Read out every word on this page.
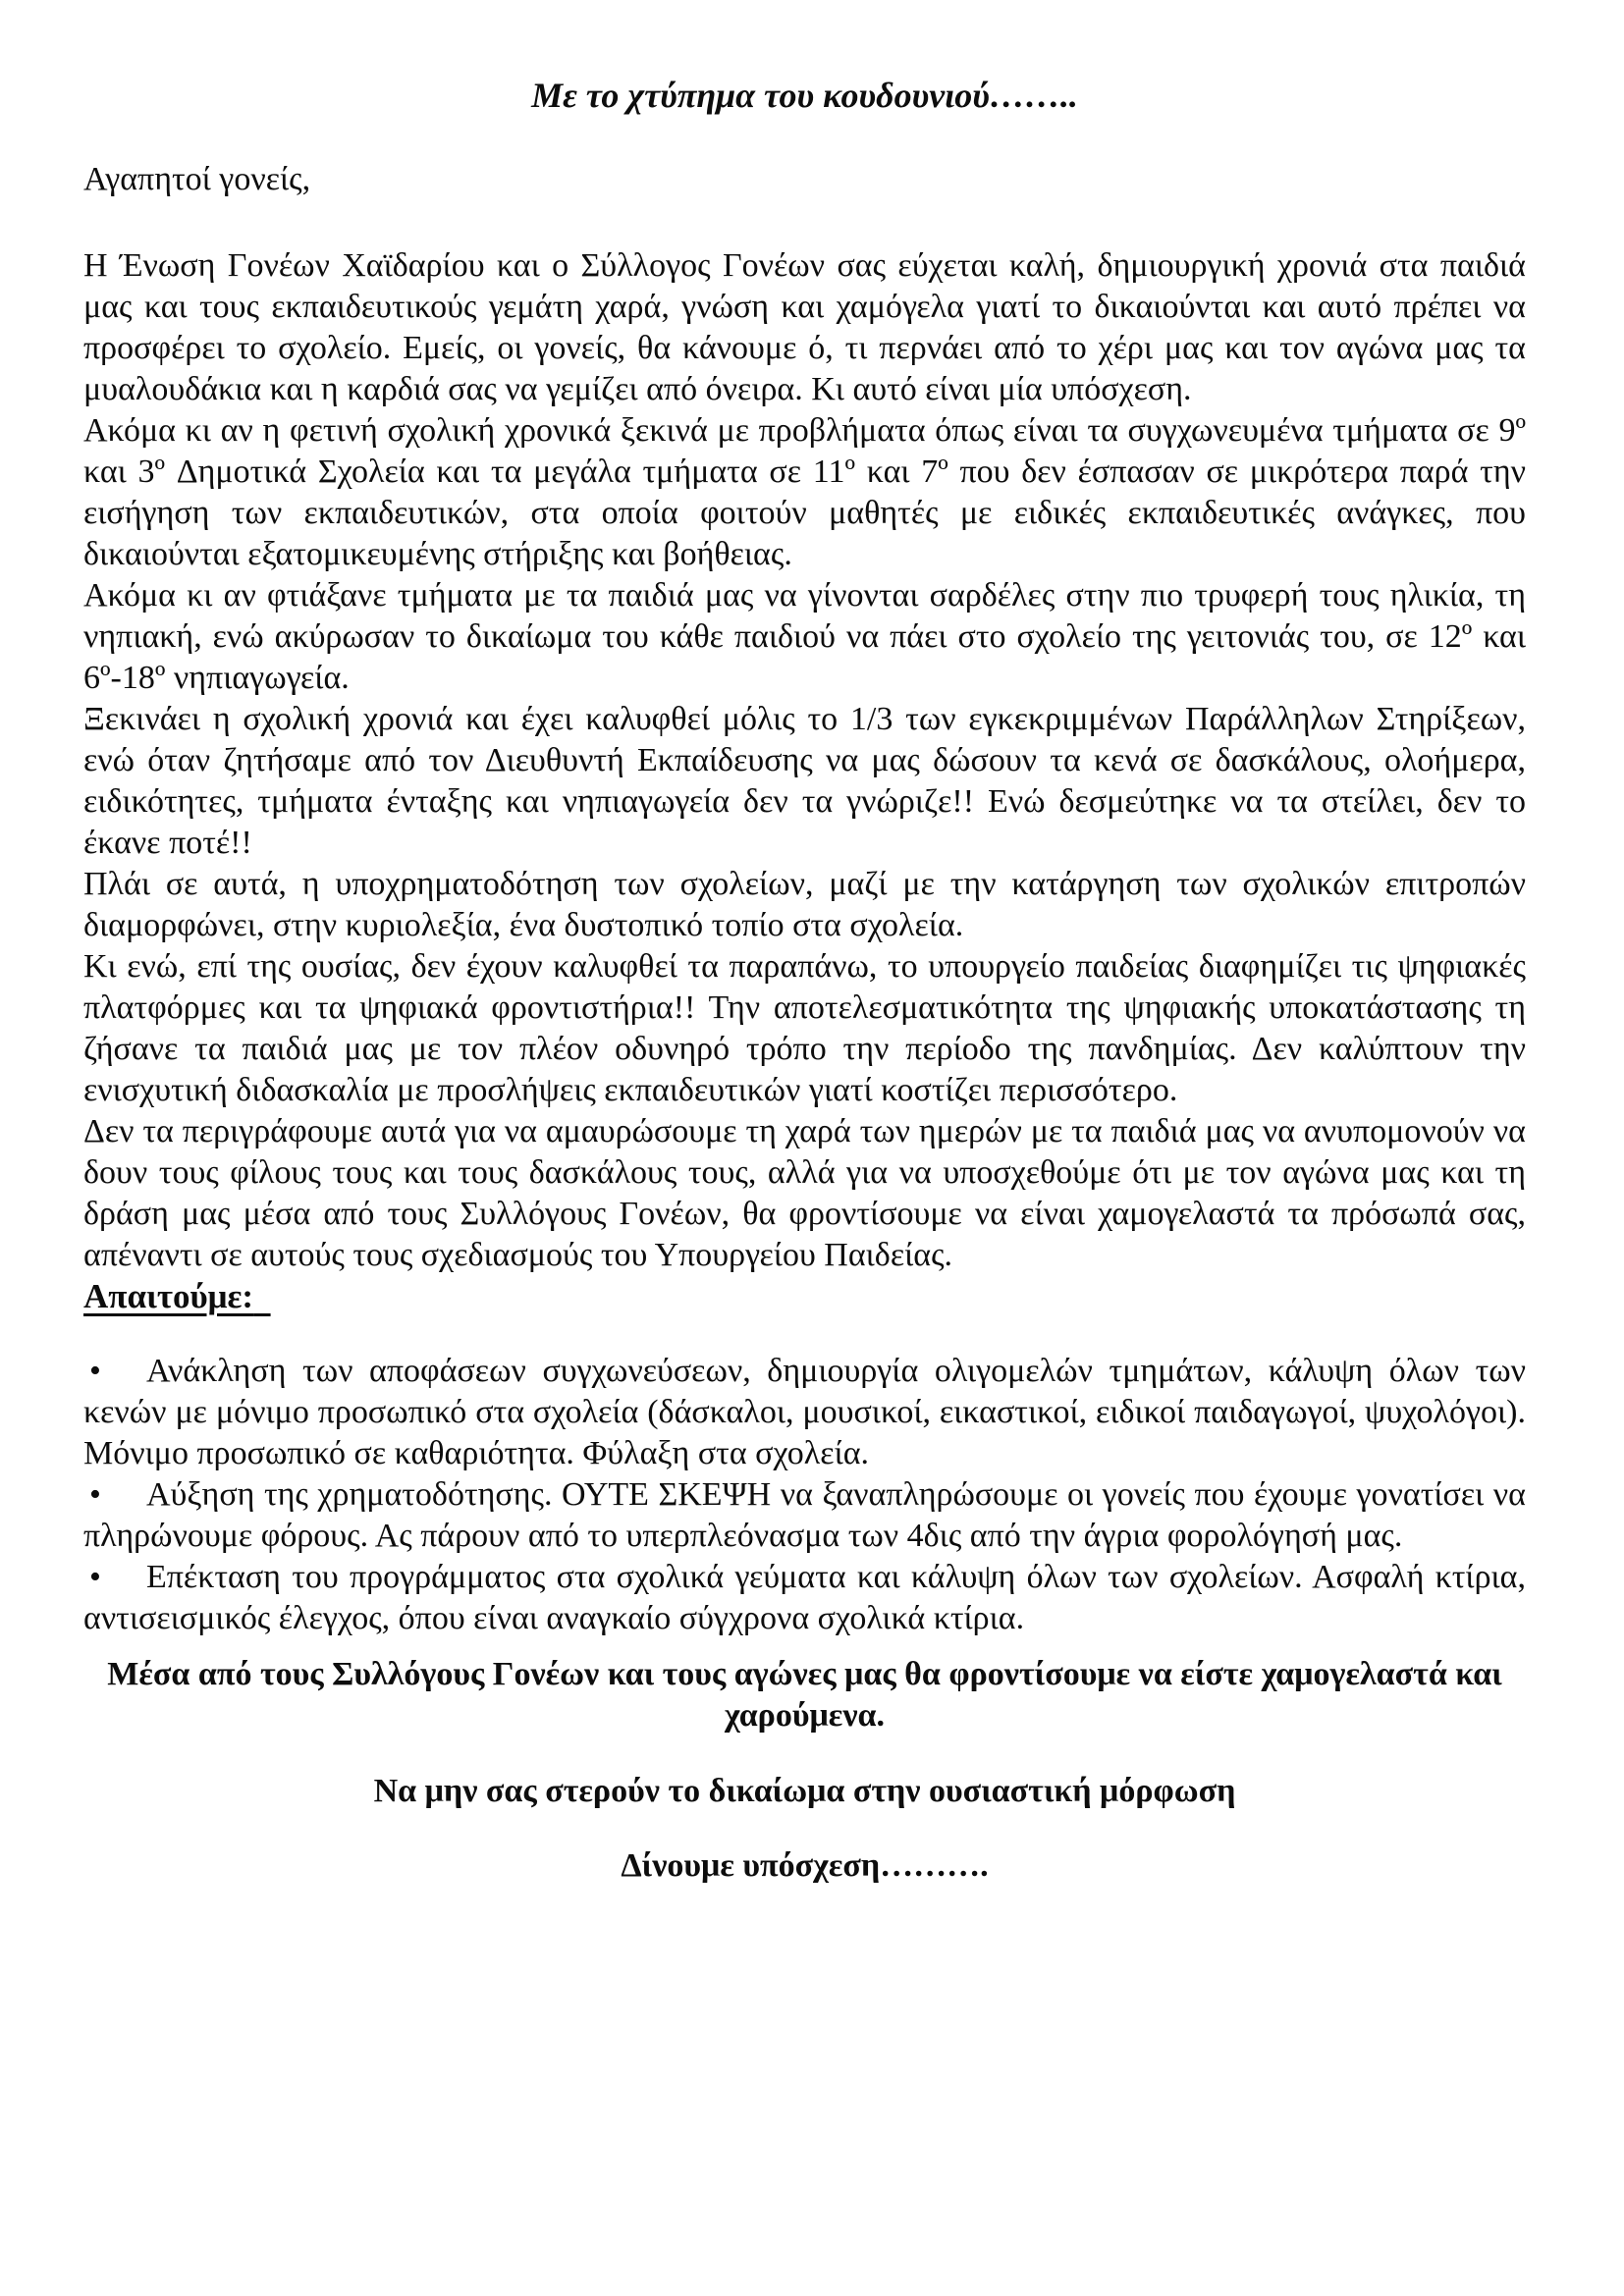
Με το χτύπημα του κουδουνιού……..

Αγαπητοί γονείς,

Η Ένωση Γονέων Χαϊδαρίου και ο Σύλλογος Γονέων σας εύχεται καλή, δημιουργική χρονιά στα παιδιά μας και τους εκπαιδευτικούς γεμάτη χαρά, γνώση και χαμόγελα γιατί το δικαιούνται και αυτό πρέπει να προσφέρει το σχολείο. Εμείς, οι γονείς, θα κάνουμε ό, τι περνάει από το χέρι μας και τον αγώνα μας τα μυαλουδάκια και η καρδιά σας να γεμίζει από όνειρα. Κι αυτό είναι μία υπόσχεση.

Ακόμα κι αν η φετινή σχολική χρονικά ξεκινά με προβλήματα όπως είναι τα συγχωνευμένα τμήματα σε 9º και 3º Δημοτικά Σχολεία και τα μεγάλα τμήματα σε 11º και 7º που δεν έσπασαν σε μικρότερα παρά την εισήγηση των εκπαιδευτικών, στα οποία φοιτούν μαθητές με ειδικές εκπαιδευτικές ανάγκες, που δικαιούνται εξατομικευμένης στήριξης και βοήθειας.

Ακόμα κι αν φτιάξανε τμήματα με τα παιδιά μας να γίνονται σαρδέλες στην πιο τρυφερή τους ηλικία, τη νηπιακή, ενώ ακύρωσαν το δικαίωμα του κάθε παιδιού να πάει στο σχολείο της γειτονιάς του, σε 12º και 6º-18º νηπιαγωγεία.

Ξεκινάει η σχολική χρονιά και έχει καλυφθεί μόλις το 1/3 των εγκεκριμμένων Παράλληλων Στηρίξεων, ενώ όταν ζητήσαμε από τον Διευθυντή Εκπαίδευσης να μας δώσουν τα κενά σε δασκάλους, ολοήμερα, ειδικότητες, τμήματα ένταξης και νηπιαγωγεία δεν τα γνώριζε!! Ενώ δεσμεύτηκε να τα στείλει, δεν το έκανε ποτέ!!

Πλάι σε αυτά, η υποχρηματοδότηση των σχολείων, μαζί με την κατάργηση των σχολικών επιτροπών διαμορφώνει, στην κυριολεξία, ένα δυστοπικό τοπίο στα σχολεία.

Κι ενώ, επί της ουσίας, δεν έχουν καλυφθεί τα παραπάνω, το υπουργείο παιδείας διαφημίζει τις ψηφιακές πλατφόρμες και τα ψηφιακά φροντιστήρια!! Την αποτελεσματικότητα της ψηφιακής υποκατάστασης τη ζήσανε τα παιδιά μας με τον πλέον οδυνηρό τρόπο την περίοδο της πανδημίας. Δεν καλύπτουν την ενισχυτική διδασκαλία με προσλήψεις εκπαιδευτικών γιατί κοστίζει περισσότερο.

Δεν τα περιγράφουμε αυτά για να αμαυρώσουμε τη χαρά των ημερών με τα παιδιά μας να ανυπομονούν να δουν τους φίλους τους και τους δασκάλους τους, αλλά για να υποσχεθούμε ότι με τον αγώνα μας και τη δράση μας μέσα από τους Συλλόγους Γονέων, θα φροντίσουμε να είναι χαμογελαστά τα πρόσωπά σας, απέναντι σε αυτούς τους σχεδιασμούς του Υπουργείου Παιδείας.

Απαιτούμε:

• Ανάκληση των αποφάσεων συγχωνεύσεων, δημιουργία ολιγομελών τμημάτων, κάλυψη όλων των κενών με μόνιμο προσωπικό στα σχολεία (δάσκαλοι, μουσικοί, εικαστικοί, ειδικοί παιδαγωγοί, ψυχολόγοι). Μόνιμο προσωπικό σε καθαριότητα. Φύλαξη στα σχολεία.

• Αύξηση της χρηματοδότησης. ΟΥΤΕ ΣΚΕΨΗ να ξαναπληρώσουμε οι γονείς που έχουμε γονατίσει να πληρώνουμε φόρους. Ας πάρουν από το υπερπλεόνασμα των 4δις από την άγρια φορολόγησή μας.

• Επέκταση του προγράμματος στα σχολικά γεύματα και κάλυψη όλων των σχολείων. Ασφαλή κτίρια, αντισεισμικός έλεγχος, όπου είναι αναγκαίο σύγχρονα σχολικά κτίρια.

Μέσα από τους Συλλόγους Γονέων και τους αγώνες μας θα φροντίσουμε να είστε χαμογελαστά και χαρούμενα.

Να μην σας στερούν το δικαίωμα στην ουσιαστική μόρφωση

Δίνουμε υπόσχεση……….
